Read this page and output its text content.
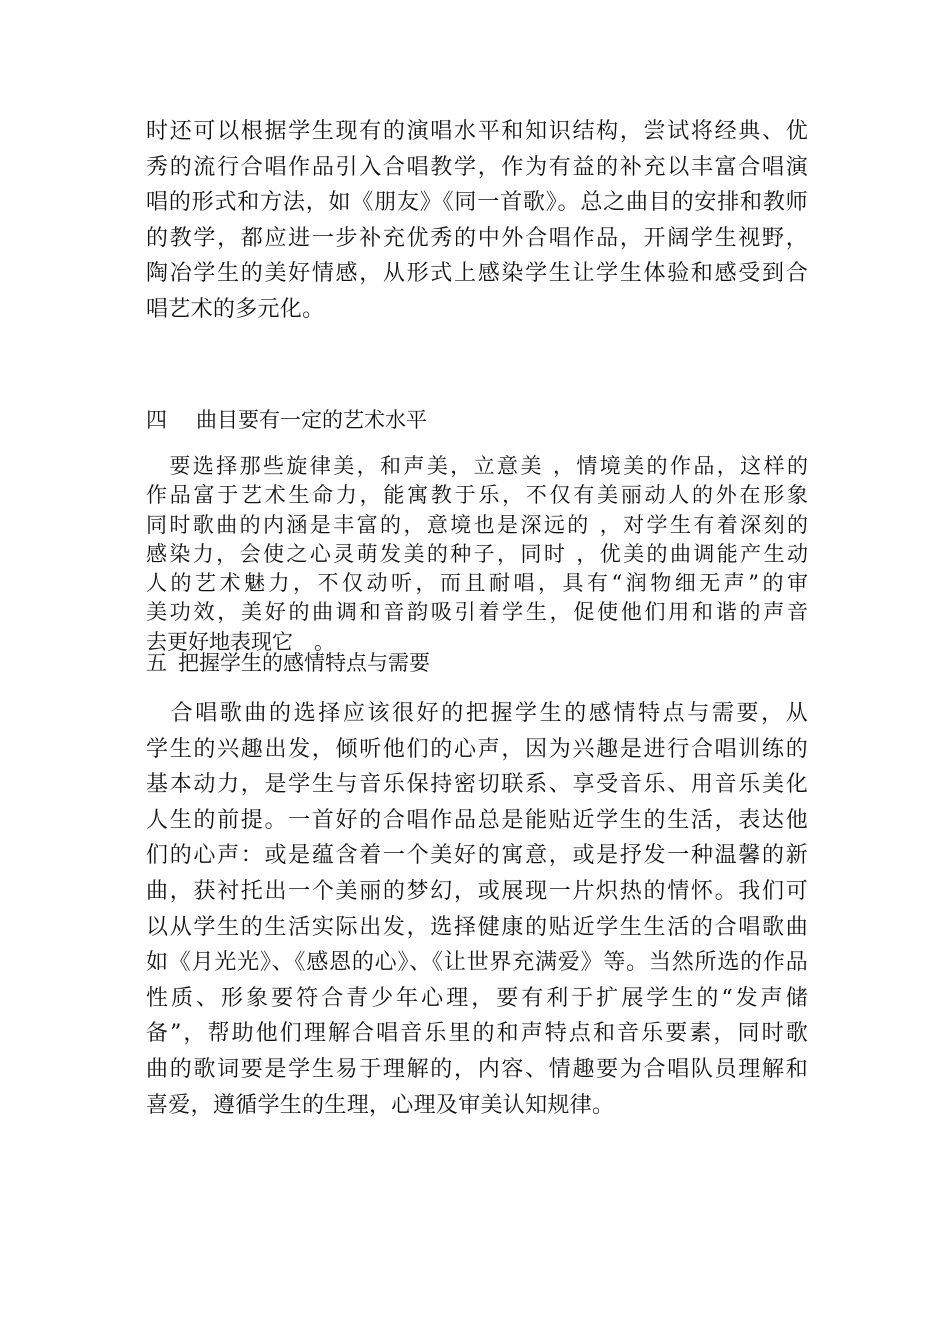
时还可以根据学生现有的演唱水平和知识结构，尝试将经典、优
秀的流行合唱作品引入合唱教学，作为有益的补充以丰富合唱演
唱的形式和方法，如《朋友》《同一首歌》。总之曲目的安排和教师
的教学，都应进一步补充优秀的中外合唱作品，开阔学生视野，
陶冶学生的美好情感，从形式上感染学生让学生体验和感受到合
唱艺术的多元化。
四 曲目要有一定的艺术水平
　要选择那些旋律美，和声美，立意美 ，情境美的作品，这样的
作品富于艺术生命力，能寓教于乐，不仅有美丽动人的外在形象
同时歌曲的内涵是丰富的，意境也是深远的 ，对学生有着深刻的
感染力，会使之心灵萌发美的种子，同时 ，优美的曲调能产生动
人的艺术魅力，不仅动听，而且耐唱，具有“润物细无声”的审
美功效，美好的曲调和音韵吸引着学生，促使他们用和谐的声音
去更好地表现它　。
五 把握学生的感情特点与需要
　合唱歌曲的选择应该很好的把握学生的感情特点与需要，从
学生的兴趣出发，倾听他们的心声，因为兴趣是进行合唱训练的
基本动力，是学生与音乐保持密切联系、享受音乐、用音乐美化
人生的前提。一首好的合唱作品总是能贴近学生的生活，表达他
们的心声：或是蕴含着一个美好的寓意，或是抒发一种温馨的新
曲，获衬托出一个美丽的梦幻，或展现一片炽热的情怀。我们可
以从学生的生活实际出发，选择健康的贴近学生生活的合唱歌曲
如《月光光》、《感恩的心》、《让世界充满爱》等。当然所选的作品
性质、形象要符合青少年心理，要有利于扩展学生的“发声储
备”，帮助他们理解合唱音乐里的和声特点和音乐要素，同时歌
曲的歌词要是学生易于理解的，内容、情趣要为合唱队员理解和
喜爱，遵循学生的生理，心理及审美认知规律。
